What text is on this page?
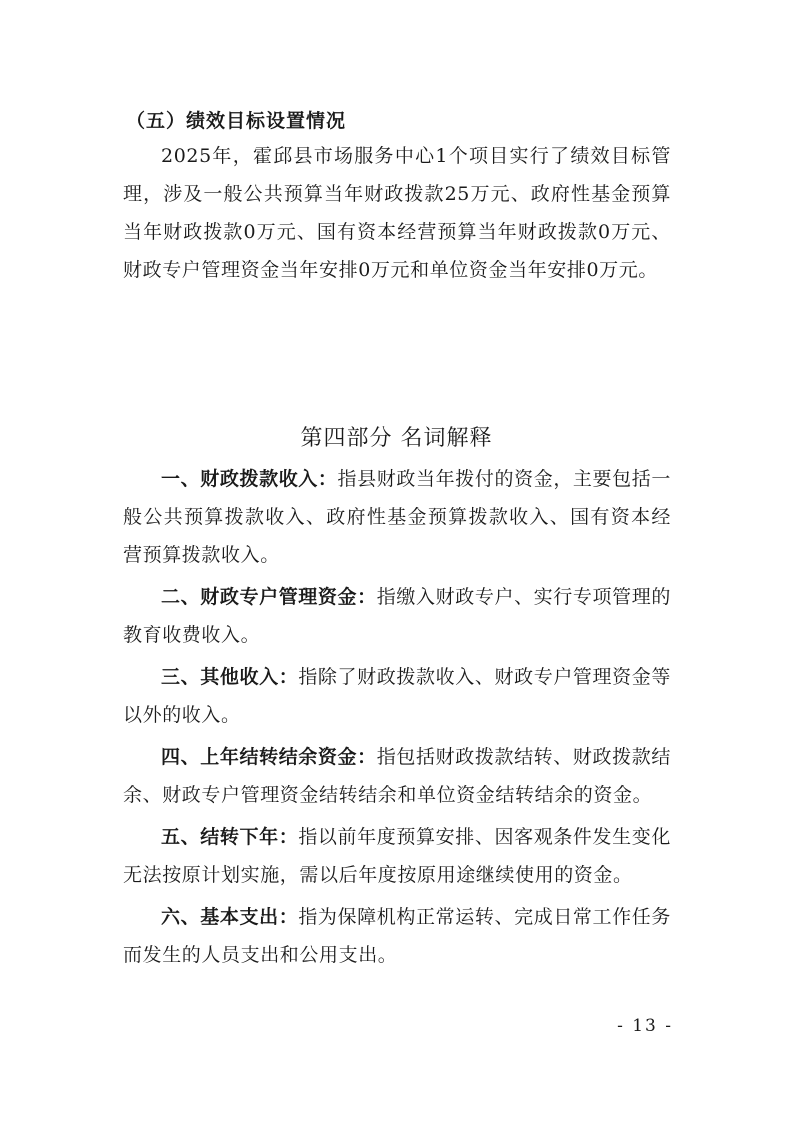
（五）绩效目标设置情况
2025年，霍邱县市场服务中心1个项目实行了绩效目标管理，涉及一般公共预算当年财政拨款25万元、政府性基金预算当年财政拨款0万元、国有资本经营预算当年财政拨款0万元、财政专户管理资金当年安排0万元和单位资金当年安排0万元。
第四部分 名词解释
一、财政拨款收入：指县财政当年拨付的资金，主要包括一般公共预算拨款收入、政府性基金预算拨款收入、国有资本经营预算拨款收入。
二、财政专户管理资金：指缴入财政专户、实行专项管理的教育收费收入。
三、其他收入：指除了财政拨款收入、财政专户管理资金等以外的收入。
四、上年结转结余资金：指包括财政拨款结转、财政拨款结余、财政专户管理资金结转结余和单位资金结转结余的资金。
五、结转下年：指以前年度预算安排、因客观条件发生变化无法按原计划实施，需以后年度按原用途继续使用的资金。
六、基本支出：指为保障机构正常运转、完成日常工作任务而发生的人员支出和公用支出。
- 13 -
